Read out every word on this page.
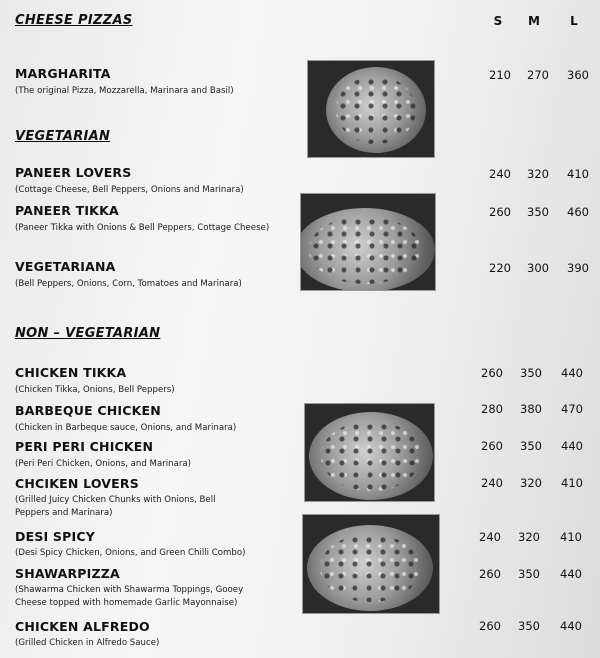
CHEESE PIZZAS
VEGETARIAN
NON – VEGETARIAN
S	M	L
MARGHARITA
(The original Pizza, Mozzarella, Marinara and Basil)
210	270	360
PANEER LOVERS
(Cottage Cheese, Bell Peppers, Onions and Marinara)
240	320	410
PANEER TIKKA
(Paneer Tikka with Onions & Bell Peppers, Cottage Cheese)
260	350	460
VEGETARIANA
(Bell Peppers, Onions, Corn, Tomatoes and Marinara)
220	300	390
CHICKEN TIKKA
(Chicken Tikka, Onions, Bell Peppers)
260	350	440
BARBEQUE CHICKEN
(Chicken in Barbeque sauce, Onions, and Marinara)
280	380	470
PERI PERI CHICKEN
(Peri Peri Chicken, Onions, and Marinara)
260	350	440
CHCIKEN LOVERS
(Grilled Juicy Chicken Chunks with Onions, Bell
Peppers and Marinara)
240	320	410
DESI SPICY
(Desi Spicy Chicken, Onions, and Green Chilli Combo)
240	320	410
SHAWARPIZZA
(Shawarma Chicken with Shawarma Toppings, Gooey
Cheese topped with homemade Garlic Mayonnaise)
260	350	440
CHICKEN ALFREDO
(Grilled Chicken in Alfredo Sauce)
260	350	440
